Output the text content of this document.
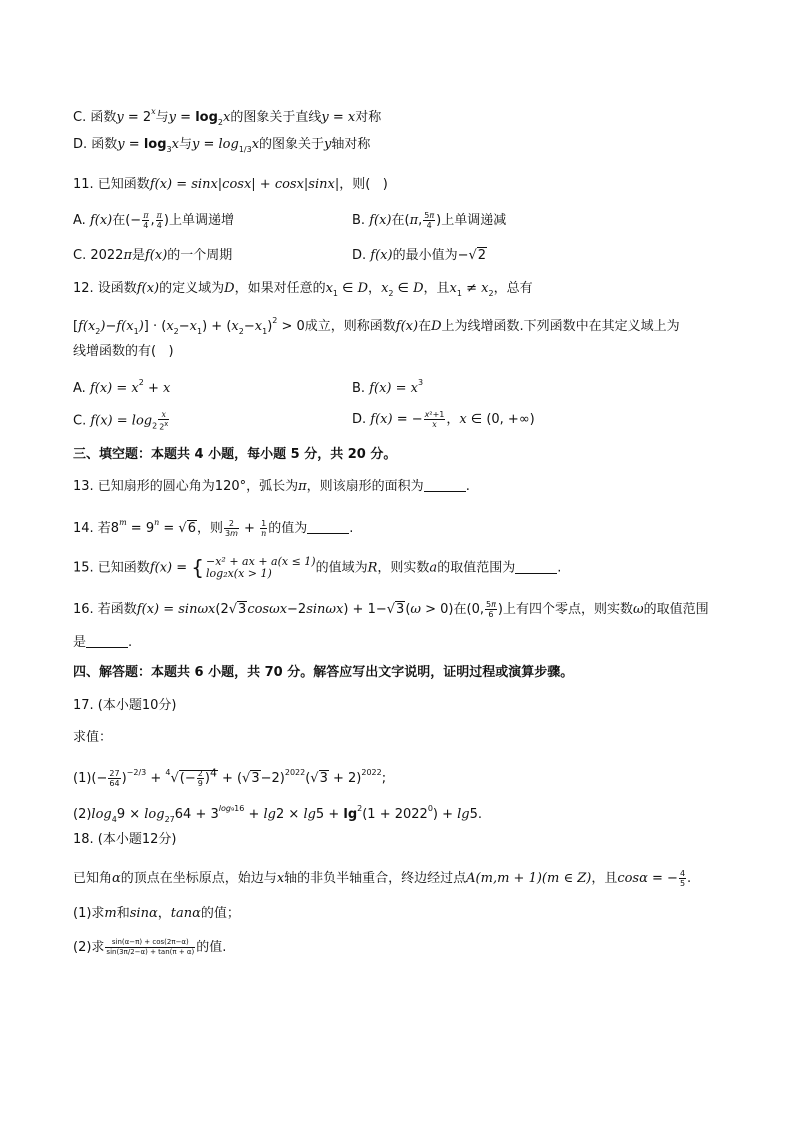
C. 函数$y = 2^x$与$y = \log_2x$的图象关于直线y = x对称
D. 函数$y = \log_3x$与$y = \log_{1/3}x$的图象关于y轴对称
11. 已知函数f(x) = sinx|cosx| + cosx|sinx|，则(   )
A. f(x)在(− $\frac{\pi}{4}$ , $\frac{\pi}{4}$ )上单调递增	B. f(x)在(π, $\frac{5\pi}{4}$ )上单调递减
C. 2022π是f(x)的一个周期	D. f(x)的最小值为−√2
12. 设函数f(x)的定义域为D，如果对任意的$x_1$ ∈ D，$x_2$ ∈ D，且$x_1 \ne x_2$，总有
$[f(x_2)-f(x_1)] \cdot (x_2-x_1) + (x_2-x_1)^2 > 0$成立，则称函数f(x)在D上为线增函数.下列函数中在其定义域上为
线增函数的有(   )
A. $f(x) = x^2 + x$	B. $f(x) = x^3$
C. $f(x) = \log_2 \frac{x}{2^x}$	D. f(x) = − $\frac{\text{x²+1}}{x}$ ，x ∈ (0, +∞)
三、填空题：本题共 4 小题，每小题 5 分，共 20 分。
13. 已知扇形的圆心角为120°，弧长为π，则该扇形的面积为	.
14. 若$8^m = 9^n = √6$，则 $\frac{2}{3m} + \frac{1}{n}$ 的值为	.
15. 已知函数f(x) = { −x² + ax + a(x ≤ 1)
log₂x(x > 1)	的值域为R，则实数a的取值范围为	.
16. 若函数f(x) = sinωx(2√3cosωx−2sinωx) + 1−√3(ω > 0)在(0, $\frac{5\pi}{6}$ )上有四个零点，则实数ω的取值范围
是	.
四、解答题：本题共 6 小题，共 70 分。解答应写出文字说明，证明过程或演算步骤。
17. (本小题10分)
求值：
$(1)(- \frac{27}{64} )^{-2/3} + ^4√(- \frac{2}{9} )^4 + (√3-2)^{2022}(√3 + 2)^{2022}$;
$(2)\log_49 \times \log_{27}64 + 3^{log_916} + \lg 2 \times \lg 5 + \lg^2(1 + 2022^0) + \lg 5$.
18. (本小题12分)
已知角α的顶点在坐标原点，始边与x轴的非负半轴重合，终边经过点A(m,m + 1)(m ∈ Z)，且cosα = − $\frac{4}{5}$ .
(1)求m和sinα，tanα的值；
(2)求 $\frac{\sin(\alpha-\pi) + \cos(2\pi-\alpha)}{\sin(3\pi/2-\alpha) + \tan(\pi + \alpha)}$ 的值.
